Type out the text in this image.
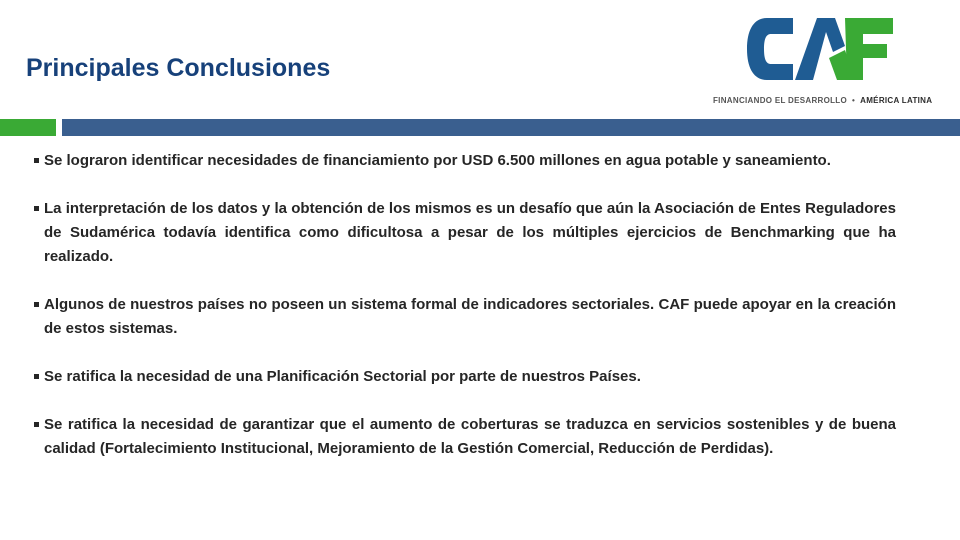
Principales Conclusiones
FINANCIANDO EL DESARROLLO • AMÉRICA LATINA
Se lograron identificar necesidades de financiamiento por USD 6.500 millones en agua potable y saneamiento.
La interpretación de los datos y la obtención de los mismos es un desafío que aún la Asociación de Entes Reguladores de Sudamérica todavía identifica como dificultosa a pesar de los múltiples ejercicios de Benchmarking que ha realizado.
Algunos de nuestros países no poseen un sistema formal de indicadores sectoriales. CAF puede apoyar en la creación de estos sistemas.
Se ratifica la necesidad de una Planificación Sectorial por parte de nuestros Países.
Se ratifica la necesidad de garantizar que el aumento de coberturas se traduzca en servicios sostenibles y de buena calidad (Fortalecimiento Institucional, Mejoramiento de la Gestión Comercial, Reducción de Perdidas).
